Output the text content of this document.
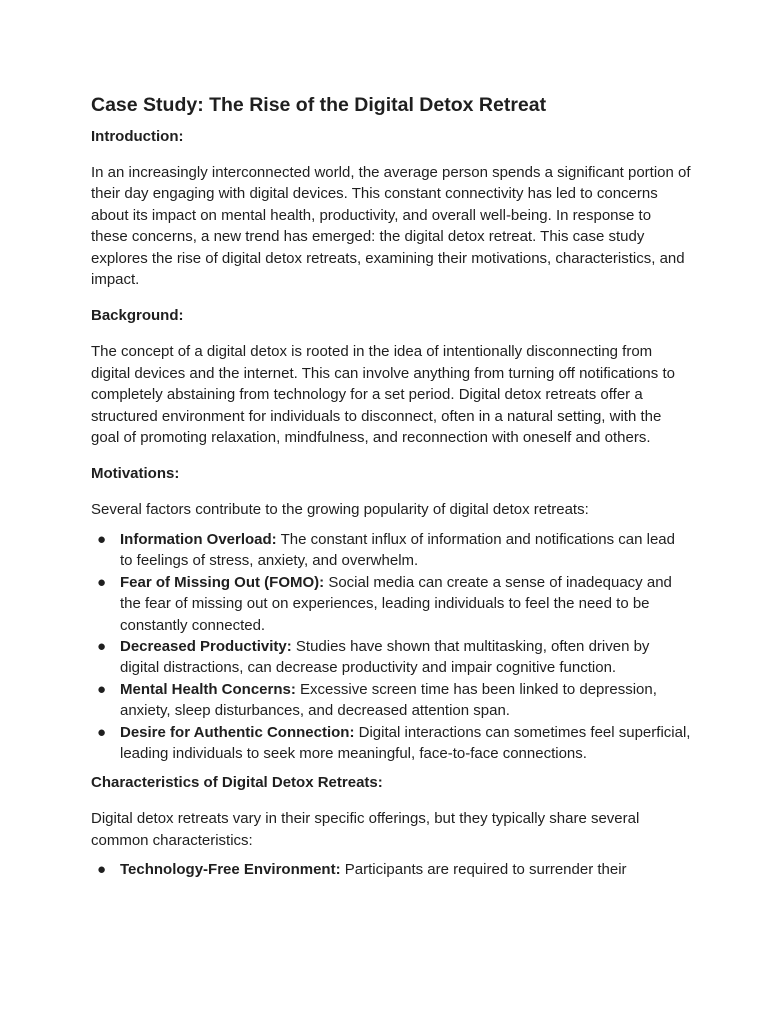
Case Study: The Rise of the Digital Detox Retreat
Introduction:

In an increasingly interconnected world, the average person spends a significant portion of their day engaging with digital devices. This constant connectivity has led to concerns about its impact on mental health, productivity, and overall well-being. In response to these concerns, a new trend has emerged: the digital detox retreat. This case study explores the rise of digital detox retreats, examining their motivations, characteristics, and impact.

Background:

The concept of a digital detox is rooted in the idea of intentionally disconnecting from digital devices and the internet. This can involve anything from turning off notifications to completely abstaining from technology for a set period. Digital detox retreats offer a structured environment for individuals to disconnect, often in a natural setting, with the goal of promoting relaxation, mindfulness, and reconnection with oneself and others.

Motivations:

Several factors contribute to the growing popularity of digital detox retreats:

● Information Overload: The constant influx of information and notifications can lead to feelings of stress, anxiety, and overwhelm.
● Fear of Missing Out (FOMO): Social media can create a sense of inadequacy and the fear of missing out on experiences, leading individuals to feel the need to be constantly connected.
● Decreased Productivity: Studies have shown that multitasking, often driven by digital distractions, can decrease productivity and impair cognitive function.
● Mental Health Concerns: Excessive screen time has been linked to depression, anxiety, sleep disturbances, and decreased attention span.
● Desire for Authentic Connection: Digital interactions can sometimes feel superficial, leading individuals to seek more meaningful, face-to-face connections.
Characteristics of Digital Detox Retreats:

Digital detox retreats vary in their specific offerings, but they typically share several common characteristics:

● Technology-Free Environment: Participants are required to surrender their
